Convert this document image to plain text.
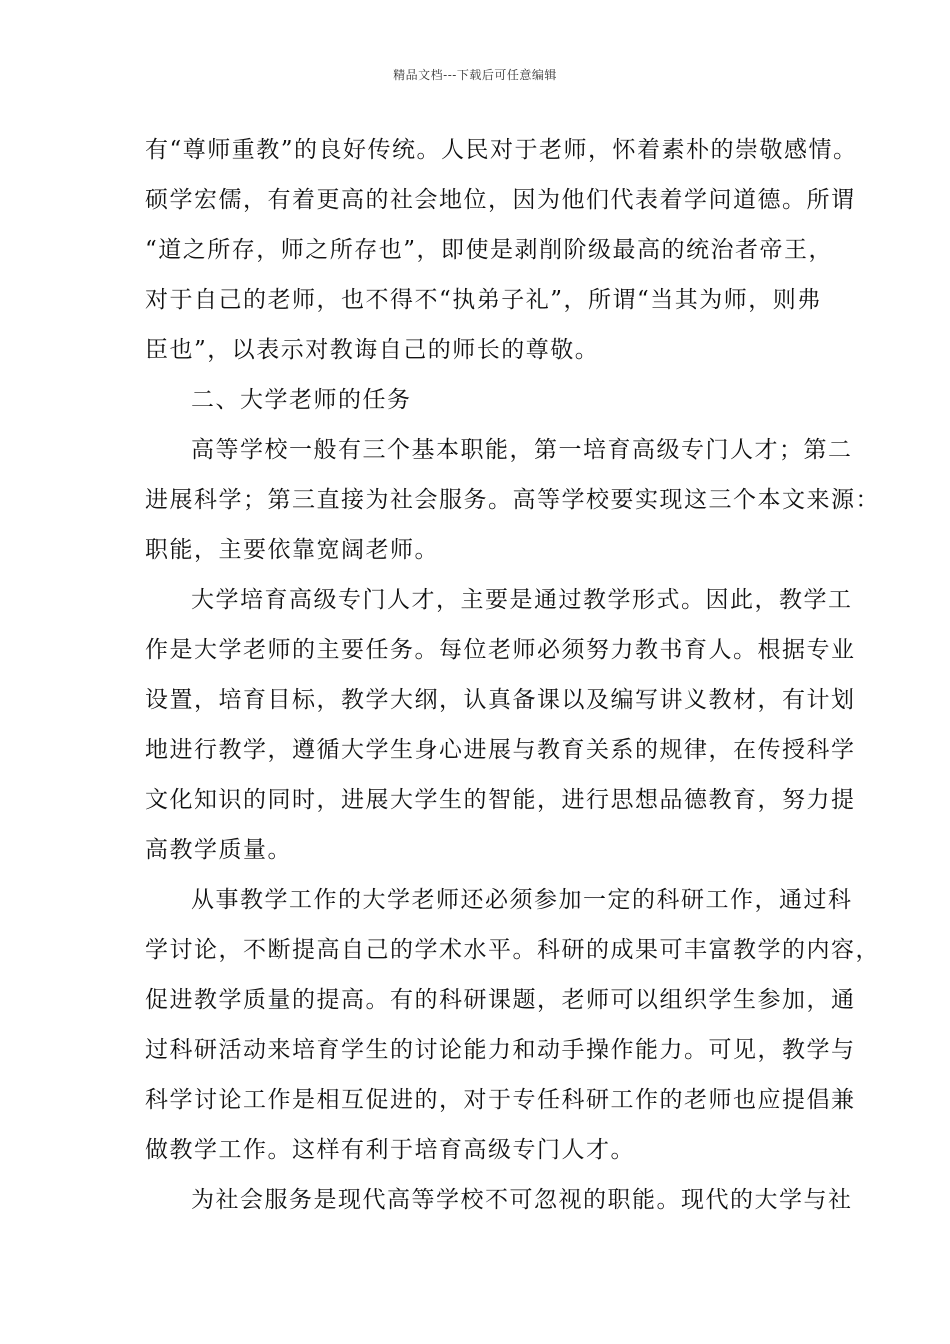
精品文档---下载后可任意编辑
有“尊师重教”的良好传统。人民对于老师，怀着素朴的崇敬感情。
硕学宏儒，有着更高的社会地位，因为他们代表着学问道德。所谓
“道之所存，师之所存也”，即使是剥削阶级最高的统治者帝王，
对于自己的老师，也不得不“执弟子礼”，所谓“当其为师，则弗
臣也”，以表示对教诲自己的师长的尊敬。
二、大学老师的任务
高等学校一般有三个基本职能，第一培育高级专门人才；第二
进展科学；第三直接为社会服务。高等学校要实现这三个本文来源：
职能，主要依靠宽阔老师。
大学培育高级专门人才，主要是通过教学形式。因此，教学工
作是大学老师的主要任务。每位老师必须努力教书育人。根据专业
设置，培育目标，教学大纲，认真备课以及编写讲义教材，有计划
地进行教学，遵循大学生身心进展与教育关系的规律，在传授科学
文化知识的同时，进展大学生的智能，进行思想品德教育，努力提
高教学质量。
从事教学工作的大学老师还必须参加一定的科研工作，通过科
学讨论，不断提高自己的学术水平。科研的成果可丰富教学的内容，
促进教学质量的提高。有的科研课题，老师可以组织学生参加，通
过科研活动来培育学生的讨论能力和动手操作能力。可见，教学与
科学讨论工作是相互促进的，对于专任科研工作的老师也应提倡兼
做教学工作。这样有利于培育高级专门人才。
为社会服务是现代高等学校不可忽视的职能。现代的大学与社
